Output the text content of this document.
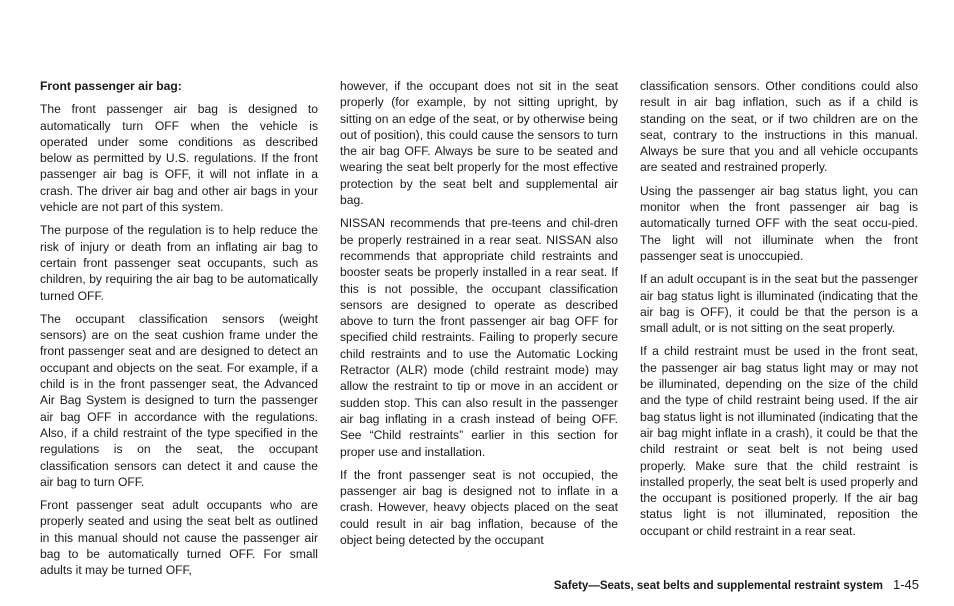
Front passenger air bag:

The front passenger air bag is designed to automatically turn OFF when the vehicle is operated under some conditions as described below as permitted by U.S. regulations. If the front passenger air bag is OFF, it will not inflate in a crash. The driver air bag and other air bags in your vehicle are not part of this system.

The purpose of the regulation is to help reduce the risk of injury or death from an inflating air bag to certain front passenger seat occupants, such as children, by requiring the air bag to be automatically turned OFF.

The occupant classification sensors (weight sensors) are on the seat cushion frame under the front passenger seat and are designed to detect an occupant and objects on the seat. For example, if a child is in the front passenger seat, the Advanced Air Bag System is designed to turn the passenger air bag OFF in accordance with the regulations. Also, if a child restraint of the type specified in the regulations is on the seat, the occupant classification sensors can detect it and cause the air bag to turn OFF.

Front passenger seat adult occupants who are properly seated and using the seat belt as outlined in this manual should not cause the passenger air bag to be automatically turned OFF. For small adults it may be turned OFF,

however, if the occupant does not sit in the seat properly (for example, by not sitting upright, by sitting on an edge of the seat, or by otherwise being out of position), this could cause the sensors to turn the air bag OFF. Always be sure to be seated and wearing the seat belt properly for the most effective protection by the seat belt and supplemental air bag.

NISSAN recommends that pre-teens and chil-dren be properly restrained in a rear seat. NISSAN also recommends that appropriate child restraints and booster seats be properly installed in a rear seat. If this is not possible, the occupant classification sensors are designed to operate as described above to turn the front passenger air bag OFF for specified child restraints. Failing to properly secure child restraints and to use the Automatic Locking Retractor (ALR) mode (child restraint mode) may allow the restraint to tip or move in an accident or sudden stop. This can also result in the passenger air bag inflating in a crash instead of being OFF. See “Child restraints” earlier in this section for proper use and installation.

If the front passenger seat is not occupied, the passenger air bag is designed not to inflate in a crash. However, heavy objects placed on the seat could result in air bag inflation, because of the object being detected by the occupant

classification sensors. Other conditions could also result in air bag inflation, such as if a child is standing on the seat, or if two children are on the seat, contrary to the instructions in this manual. Always be sure that you and all vehicle occupants are seated and restrained properly.

Using the passenger air bag status light, you can monitor when the front passenger air bag is automatically turned OFF with the seat occu-pied. The light will not illuminate when the front passenger seat is unoccupied.

If an adult occupant is in the seat but the passenger air bag status light is illuminated (indicating that the air bag is OFF), it could be that the person is a small adult, or is not sitting on the seat properly.

If a child restraint must be used in the front seat, the passenger air bag status light may or may not be illuminated, depending on the size of the child and the type of child restraint being used. If the air bag status light is not illuminated (indicating that the air bag might inflate in a crash), it could be that the child restraint or seat belt is not being used properly. Make sure that the child restraint is installed properly, the seat belt is used properly and the occupant is positioned properly. If the air bag status light is not illuminated, reposition the occupant or child restraint in a rear seat.

Safety—Seats, seat belts and supplemental restraint system 1-45
